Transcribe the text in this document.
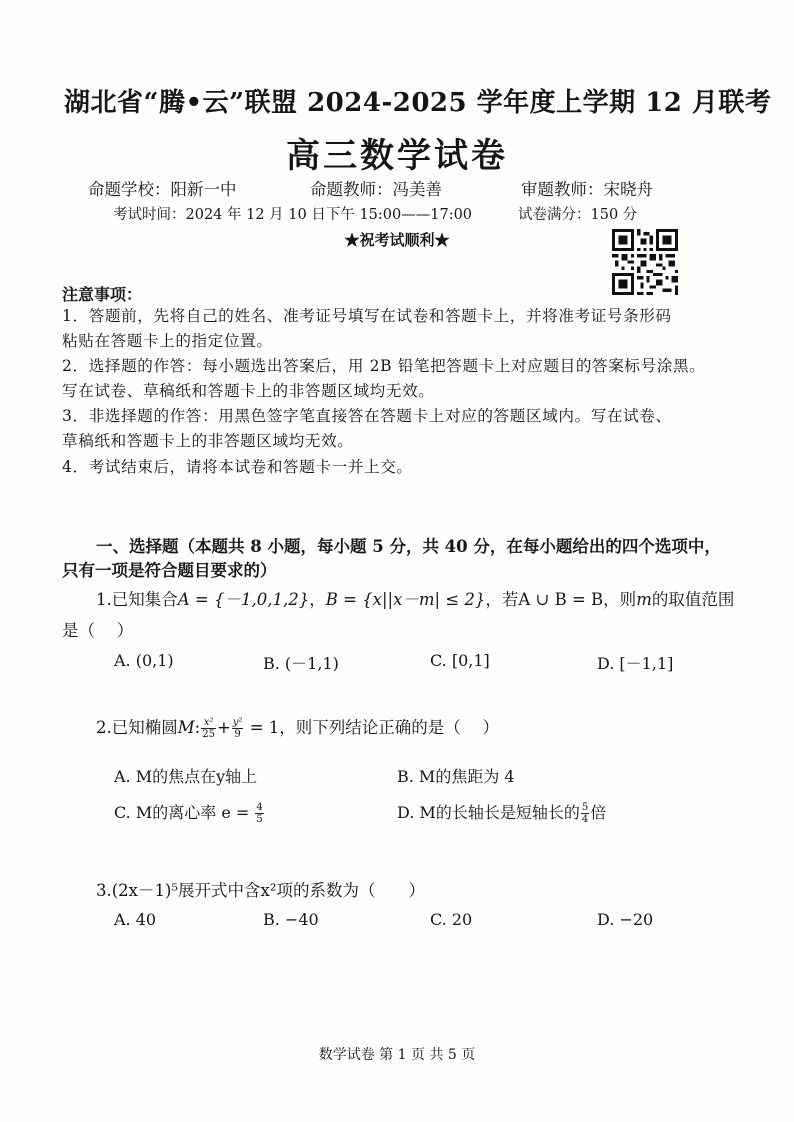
湖北省“腾•云”联盟 2024-2025 学年度上学期 12 月联考
高三数学试卷
命题学校：阳新一中	命题教师：冯美善	审题教师：宋晓舟
考试时间：2024 年 12 月 10 日下午 15:00——17:00	试卷满分：150 分
★祝考试顺利★
注意事项：
1．答题前，先将自己的姓名、准考证号填写在试卷和答题卡上，并将准考证号条形码
粘贴在答题卡上的指定位置。
2．选择题的作答：每小题选出答案后，用 2B 铅笔把答题卡上对应题目的答案标号涂黑。
写在试卷、草稿纸和答题卡上的非答题区域均无效。
3．非选择题的作答：用黑色签字笔直接答在答题卡上对应的答题区域内。写在试卷、
草稿纸和答题卡上的非答题区域均无效。
4．考试结束后，请将本试卷和答题卡一并上交。
一、选择题（本题共 8 小题，每小题 5 分，共 40 分，在每小题给出的四个选项中，
只有一项是符合题目要求的）
1.已知集合A = {－1,0,1,2}，B = {x||x－m| ≤ 2}，若A ∪ B = B，则m的取值范围
是（　 ）
A. (0,1)	B. (－1,1)	C. [0,1]	D. [－1,1]
2.已知椭圆M: $\frac{\text{x²}}{25} + \frac{\text{y²}}{9} = 1$，则下列结论正确的是（　 ）
A. M的焦点在y轴上	B. M的焦距为 4
C. M的离心率 $e = \frac{4}{5}$	D. M的长轴长是短轴长的 $\frac{5}{4}$ 倍
3.(2x－1)⁵展开式中含x²项的系数为（　　）
A. 40	B. −40	C. 20	D. −20
数学试卷 第 1 页 共 5 页
